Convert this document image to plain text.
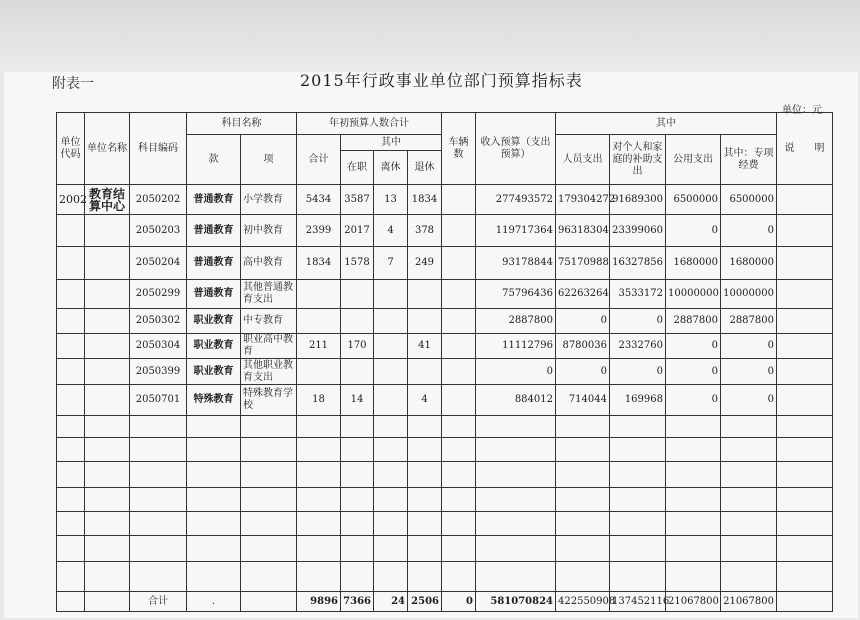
附表一	2015年行政事业单位部门预算指标表
单位：元
单位代码	单位名称	科目编码	科目名称		年初预算人数合计				车辆数	收入预算（支出预算）	其中				说　　明
			款	项	合计	其中					人员支出	对个人和家庭的补助支出	公用支出	其中：专项经费	
						在职	离休	退休							
2002	教育结算中心	2050202	普通教育	小学教育	5434	3587	13	1834		277493572	179304272	91689300	6500000	6500000	
		2050203	普通教育	初中教育	2399	2017	4	378		119717364	96318304	23399060	0	0	
		2050204	普通教育	高中教育	1834	1578	7	249		93178844	75170988	16327856	1680000	1680000	
		2050299	普通教育	其他普通教育支出						75796436	62263264	3533172	10000000	10000000	
		2050302	职业教育	中专教育						2887800	0	0	2887800	2887800	
		2050304	职业教育	职业高中教育	211	170		41		11112796	8780036	2332760	0	0	
		2050399	职业教育	其他职业教育支出						0	0	0	0	0	
		2050701	特殊教育	特殊教育学校	18	14		4		884012	714044	169968	0	0	

		合计	.		9896	7366	24	2506	0	581070824	422550908	137452116	21067800	21067800	
